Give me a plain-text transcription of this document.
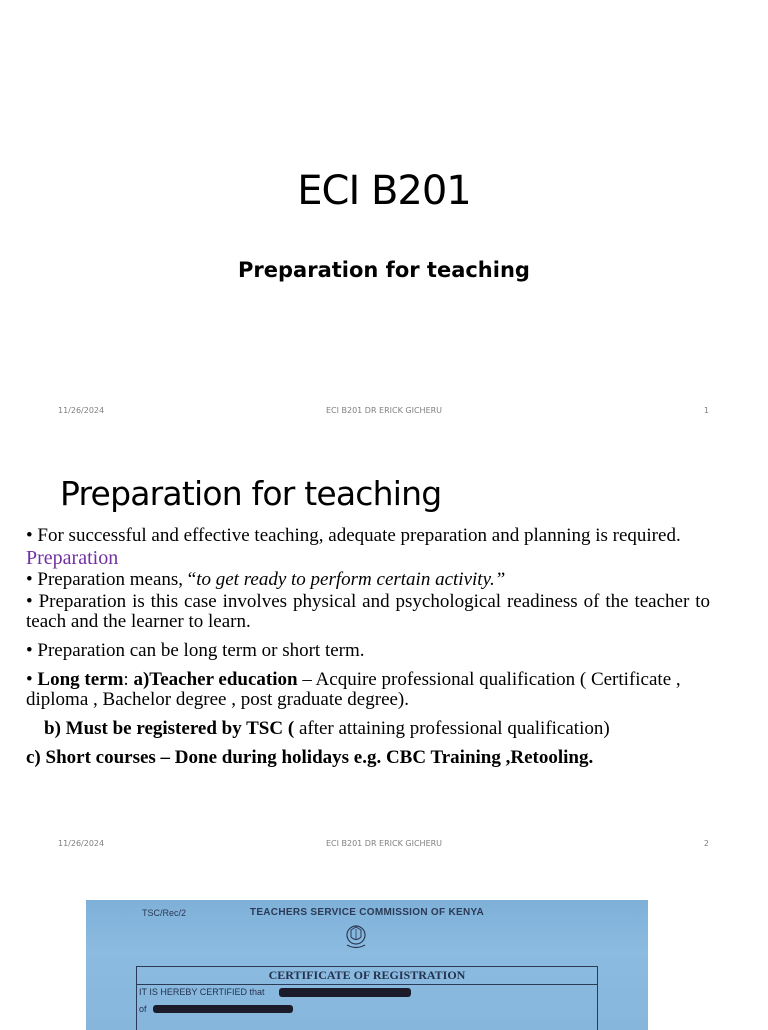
ECI B201
Preparation for teaching
11/26/2024	ECI B201 DR ERICK GICHERU	1
Preparation for teaching

• For successful and effective teaching, adequate preparation and planning is required.

Preparation

• Preparation means, “to get ready to perform certain activity.”

• Preparation is this case involves physical and psychological readiness of the teacher to teach and the learner to learn.

• Preparation can be long term or short term.

• Long term: a)Teacher education – Acquire professional qualification ( Certificate , diploma , Bachelor degree , post graduate degree).

b) Must be registered by TSC ( after attaining professional qualification)

c) Short courses – Done during holidays e.g. CBC Training ,Retooling.

11/26/2024	ECI B201 DR ERICK GICHERU	2
TSC/Rec/2	TEACHERS SERVICE COMMISSION OF KENYA
CERTIFICATE OF REGISTRATION
IT IS HEREBY CERTIFIED that
of
